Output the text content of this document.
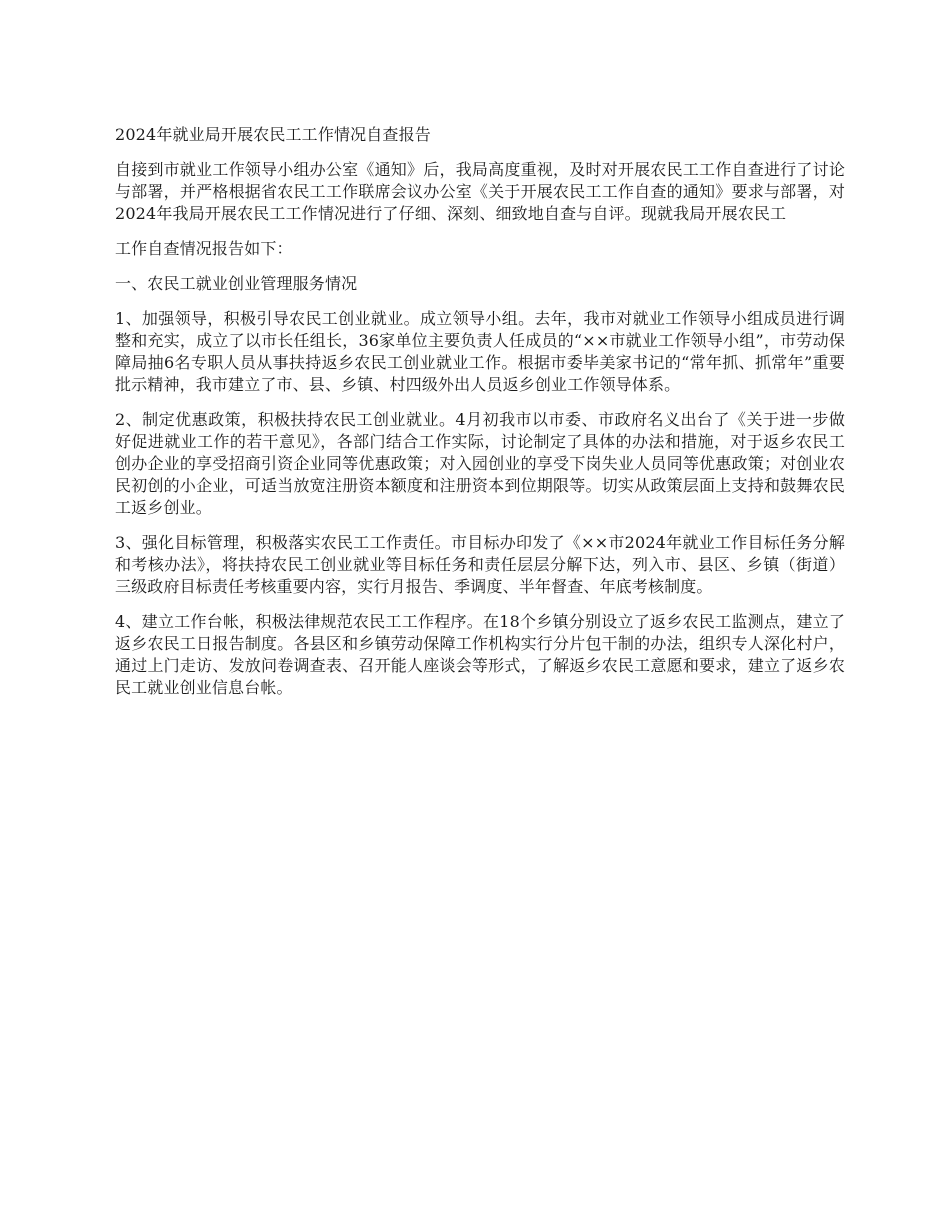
2024年就业局开展农民工工作情况自查报告

自接到市就业工作领导小组办公室《通知》后，我局高度重视，及时对开展农民工工作自查进行了讨论与部署，并严格根据省农民工工作联席会议办公室《关于开展农民工工作自查的通知》要求与部署，对2024年我局开展农民工工作情况进行了仔细、深刻、细致地自查与自评。现就我局开展农民工

工作自查情况报告如下：

一、农民工就业创业管理服务情况

1、加强领导，积极引导农民工创业就业。成立领导小组。去年，我市对就业工作领导小组成员进行调整和充实，成立了以市长任组长，36家单位主要负责人任成员的“××市就业工作领导小组”，市劳动保障局抽6名专职人员从事扶持返乡农民工创业就业工作。根据市委毕美家书记的“常年抓、抓常年”重要批示精神，我市建立了市、县、乡镇、村四级外出人员返乡创业工作领导体系。

2、制定优惠政策，积极扶持农民工创业就业。4月初我市以市委、市政府名义出台了《关于进一步做好促进就业工作的若干意见》，各部门结合工作实际，讨论制定了具体的办法和措施，对于返乡农民工创办企业的享受招商引资企业同等优惠政策；对入园创业的享受下岗失业人员同等优惠政策；对创业农民初创的小企业，可适当放宽注册资本额度和注册资本到位期限等。切实从政策层面上支持和鼓舞农民工返乡创业。

3、强化目标管理，积极落实农民工工作责任。市目标办印发了《××市2024年就业工作目标任务分解和考核办法》，将扶持农民工创业就业等目标任务和责任层层分解下达，列入市、县区、乡镇（街道）三级政府目标责任考核重要内容，实行月报告、季调度、半年督查、年底考核制度。

4、建立工作台帐，积极法律规范农民工工作程序。在18个乡镇分别设立了返乡农民工监测点，建立了返乡农民工日报告制度。各县区和乡镇劳动保障工作机构实行分片包干制的办法，组织专人深化村户，通过上门走访、发放问卷调查表、召开能人座谈会等形式，了解返乡农民工意愿和要求，建立了返乡农民工就业创业信息台帐。
